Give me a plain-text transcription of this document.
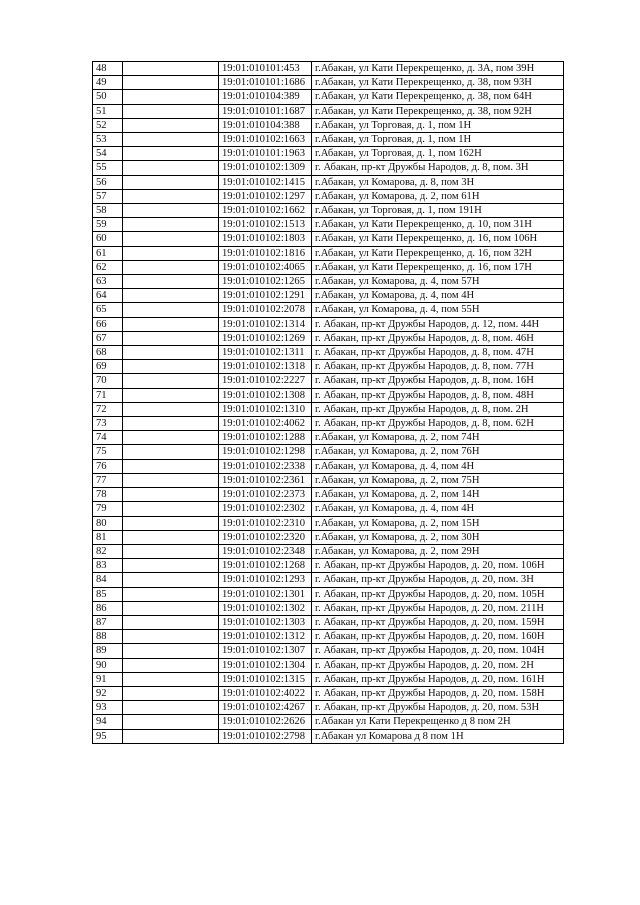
48		19:01:010101:453	г.Абакан, ул Кати Перекрещенко, д. 3А, пом 39Н
49		19:01:010101:1686	г.Абакан, ул Кати Перекрещенко, д. 38, пом 93Н
50		19:01:010104:389	г.Абакан, ул Кати Перекрещенко, д. 38, пом 64Н
51		19:01:010101:1687	г.Абакан, ул Кати Перекрещенко, д. 38, пом 92Н
52		19:01:010104:388	г.Абакан, ул Торговая, д. 1, пом 1Н
53		19:01:010102:1663	г.Абакан, ул Торговая, д. 1, пом 1Н
54		19:01:010101:1963	г.Абакан, ул Торговая, д. 1, пом 162Н
55		19:01:010102:1309	г. Абакан, пр-кт Дружбы Народов, д. 8, пом. 3Н
56		19:01:010102:1415	г.Абакан, ул Комарова, д. 8, пом 3Н
57		19:01:010102:1297	г.Абакан, ул Комарова, д. 2, пом 61Н
58		19:01:010102:1662	г.Абакан, ул Торговая, д. 1, пом 191Н
59		19:01:010102:1513	г.Абакан, ул Кати Перекрещенко, д. 10, пом 31Н
60		19:01:010102:1803	г.Абакан, ул Кати Перекрещенко, д. 16, пом 106Н
61		19:01:010102:1816	г.Абакан, ул Кати Перекрещенко, д. 16, пом 32Н
62		19:01:010102:4065	г.Абакан, ул Кати Перекрещенко, д. 16, пом 17Н
63		19:01:010102:1265	г.Абакан, ул Комарова, д. 4, пом 57Н
64		19:01:010102:1291	г.Абакан, ул Комарова, д. 4, пом 4Н
65		19:01:010102:2078	г.Абакан, ул Комарова, д. 4, пом 55Н
66		19:01:010102:1314	г. Абакан, пр-кт Дружбы Народов, д. 12, пом. 44Н
67		19:01:010102:1269	г. Абакан, пр-кт Дружбы Народов, д. 8, пом. 46Н
68		19:01:010102:1311	г. Абакан, пр-кт Дружбы Народов, д. 8, пом. 47Н
69		19:01:010102:1318	г. Абакан, пр-кт Дружбы Народов, д. 8, пом. 77Н
70		19:01:010102:2227	г. Абакан, пр-кт Дружбы Народов, д. 8, пом. 16Н
71		19:01:010102:1308	г. Абакан, пр-кт Дружбы Народов, д. 8, пом. 48Н
72		19:01:010102:1310	г. Абакан, пр-кт Дружбы Народов, д. 8, пом. 2Н
73		19:01:010102:4062	г. Абакан, пр-кт Дружбы Народов, д. 8, пом. 62Н
74		19:01:010102:1288	г.Абакан, ул Комарова, д. 2, пом 74Н
75		19:01:010102:1298	г.Абакан, ул Комарова, д. 2, пом 76Н
76		19:01:010102:2338	г.Абакан, ул Комарова, д. 4, пом 4Н
77		19:01:010102:2361	г.Абакан, ул Комарова, д. 2, пом 75Н
78		19:01:010102:2373	г.Абакан, ул Комарова, д. 2, пом 14Н
79		19:01:010102:2302	г.Абакан, ул Комарова, д. 4, пом 4Н
80		19:01:010102:2310	г.Абакан, ул Комарова, д. 2, пом 15Н
81		19:01:010102:2320	г.Абакан, ул Комарова, д. 2, пом 30Н
82		19:01:010102:2348	г.Абакан, ул Комарова, д. 2, пом 29Н
83		19:01:010102:1268	г. Абакан, пр-кт Дружбы Народов, д. 20, пом. 106Н
84		19:01:010102:1293	г. Абакан, пр-кт Дружбы Народов, д. 20, пом. 3Н
85		19:01:010102:1301	г. Абакан, пр-кт Дружбы Народов, д. 20, пом. 105Н
86		19:01:010102:1302	г. Абакан, пр-кт Дружбы Народов, д. 20, пом. 211Н
87		19:01:010102:1303	г. Абакан, пр-кт Дружбы Народов, д. 20, пом. 159Н
88		19:01:010102:1312	г. Абакан, пр-кт Дружбы Народов, д. 20, пом. 160Н
89		19:01:010102:1307	г. Абакан, пр-кт Дружбы Народов, д. 20, пом. 104Н
90		19:01:010102:1304	г. Абакан, пр-кт Дружбы Народов, д. 20, пом. 2Н
91		19:01:010102:1315	г. Абакан, пр-кт Дружбы Народов, д. 20, пом. 161Н
92		19:01:010102:4022	г. Абакан, пр-кт Дружбы Народов, д. 20, пом. 158Н
93		19:01:010102:4267	г. Абакан, пр-кт Дружбы Народов, д. 20, пом. 53Н
94		19:01:010102:2626	г.Абакан ул Кати Перекрещенко д 8 пом 2Н
95		19:01:010102:2798	г.Абакан ул Комарова д 8 пом 1Н
